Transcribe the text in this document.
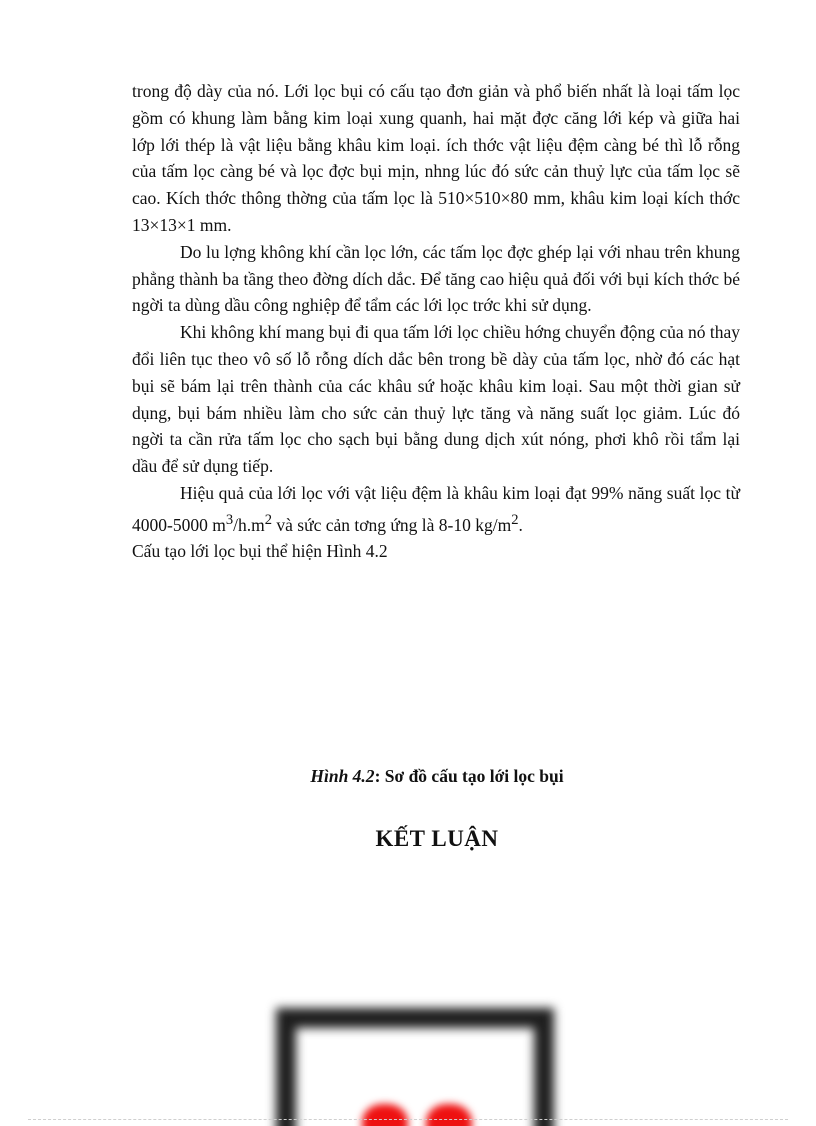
trong độ dày của nó. Lới lọc bụi có cấu tạo đơn giản và phổ biến nhất là loại tấm lọc gồm có khung làm bằng kim loại xung quanh, hai mặt đợc căng lới kép và giữa hai lớp lới thép là vật liệu bằng khâu kim loại. ích thớc vật liệu đệm càng bé thì lỗ rỗng của tấm lọc càng bé và lọc đợc bụi mịn, nhng lúc đó sức cản thuỷ lực của tấm lọc sẽ cao. Kích thớc thông thờng của tấm lọc là 510×510×80 mm, khâu kim loại kích thớc 13×13×1 mm.

Do lu lợng không khí cần lọc lớn, các tấm lọc đợc ghép lại với nhau trên khung phẳng thành ba tầng theo đờng dích dắc. Để tăng cao hiệu quả đối với bụi kích thớc bé ngời ta dùng dầu công nghiệp để tẩm các lới lọc trớc khi sử dụng.

Khi không khí mang bụi đi qua tấm lới lọc chiều hớng chuyển động của nó thay đổi liên tục theo vô số lỗ rỗng dích dắc bên trong bề dày của tấm lọc, nhờ đó các hạt bụi sẽ bám lại trên thành của các khâu sứ hoặc khâu kim loại. Sau một thời gian sử dụng, bụi bám nhiều làm cho sức cản thuỷ lực tăng và năng suất lọc giảm. Lúc đó ngời ta cần rửa tấm lọc cho sạch bụi bằng dung dịch xút nóng, phơi khô rồi tẩm lại dầu để sử dụng tiếp.

Hiệu quả của lới lọc với vật liệu đệm là khâu kim loại đạt 99% năng suất lọc từ 4000-5000 $m^3/h.m^2$ và sức cản tơng ứng là 8-10 $kg/m^2$.

Cấu tạo lới lọc bụi thể hiện Hình 4.2

Hình 4.2: Sơ đồ cấu tạo lới lọc bụi
KẾT LUẬN
